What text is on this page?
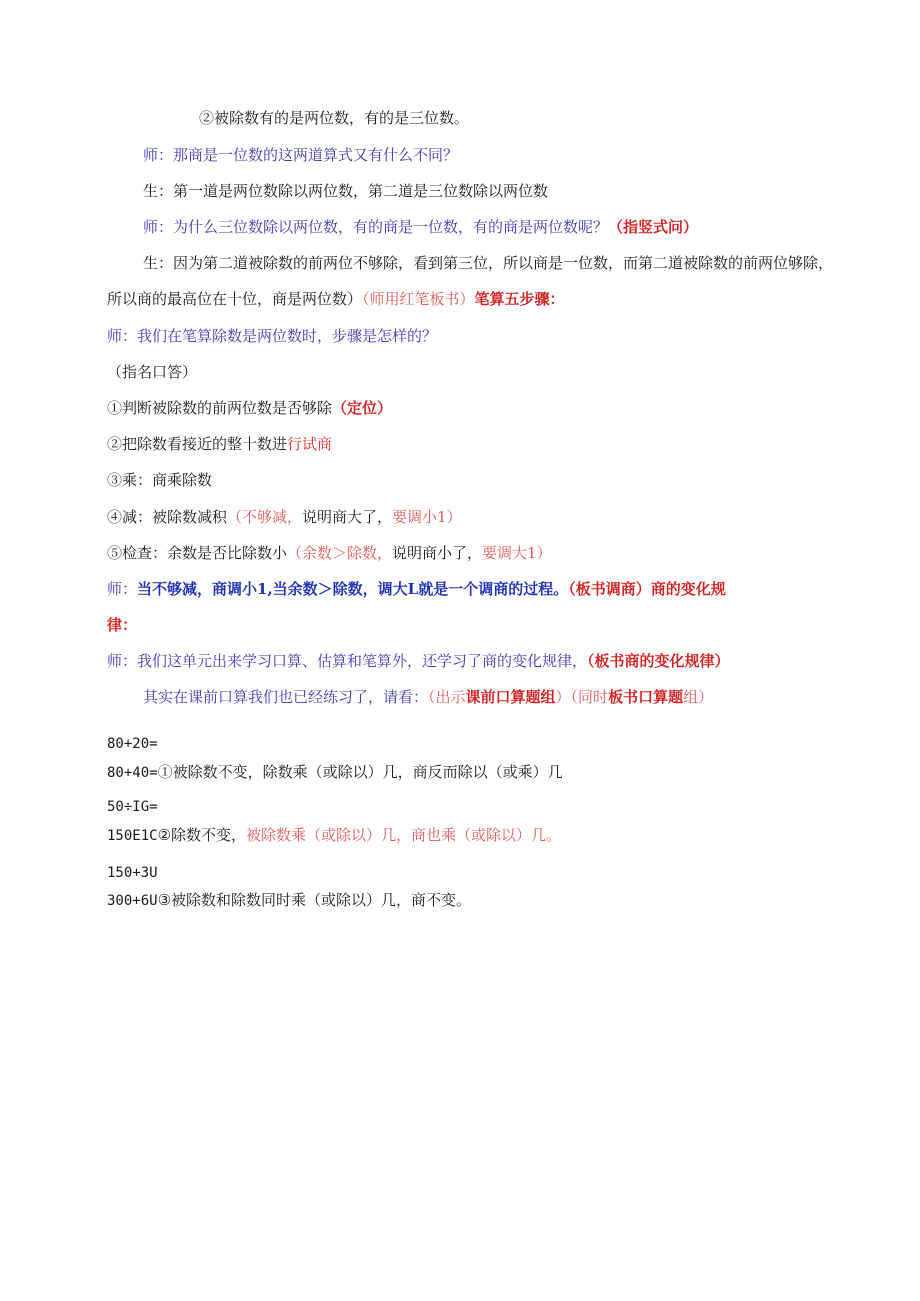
②被除数有的是两位数，有的是三位数。
师：那商是一位数的这两道算式又有什么不同？
生：第一道是两位数除以两位数，第二道是三位数除以两位数
师：为什么三位数除以两位数，有的商是一位数，有的商是两位数呢？（指竖式问）
生：因为第二道被除数的前两位不够除，看到第三位，所以商是一位数，而第二道被除数的前两位够除，所以商的最高位在十位，商是两位数）（师用红笔板书）笔算五步骤：
师：我们在笔算除数是两位数时，步骤是怎样的？
（指名口答）
①判断被除数的前两位数是否够除（定位）
②把除数看接近的整十数进行试商
③乘：商乘除数
④减：被除数减积（不够减，说明商大了，要调小1）
⑤检查：余数是否比除数小（余数＞除数，说明商小了，要调大1）
师：当不够减，商调小1,当余数＞除数，调大L就是一个调商的过程。（板书调商）商的变化规
律：
师：我们这单元出来学习口算、估算和笔算外，还学习了商的变化规律，（板书商的变化规律）
其实在课前口算我们也已经练习了，请看：（出示课前口算题组）（同时板书口算题组）
80+20=
80+40=①被除数不变，除数乘（或除以）几，商反而除以（或乘）几
50÷IG=
150E1C②除数不变，被除数乘（或除以）几，商也乘（或除以）几。
150+3U
300+6U③被除数和除数同时乘（或除以）几，商不变。
